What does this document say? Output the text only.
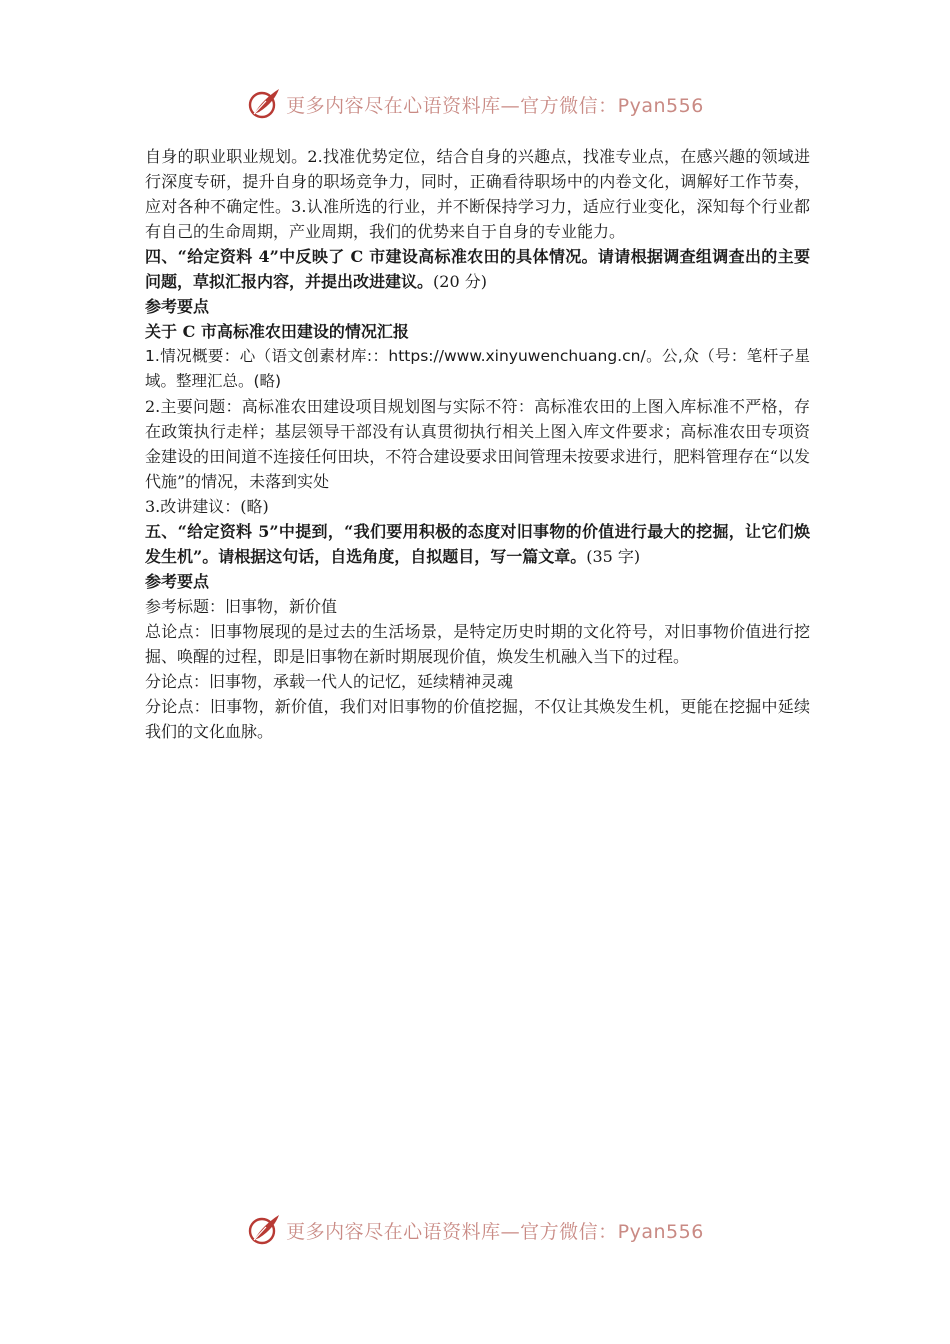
更多内容尽在心语资料库—官方微信：Pyan556

自身的职业职业规划。2.找准优势定位，结合自身的兴趣点，找准专业点，在感兴趣的领域进行深度专研，提升自身的职场竞争力，同时，正确看待职场中的内卷文化，调解好工作节奏，应对各种不确定性。3.认准所选的行业，并不断保持学习力，适应行业变化，深知每个行业都有自己的生命周期，产业周期，我们的优势来自于自身的专业能力。

四、“给定资料 4”中反映了 C 市建设高标准农田的具体情况。请请根据调查组调查出的主要问题，草拟汇报内容，并提出改进建议。(20 分)

参考要点

关于 C 市高标准农田建设的情况汇报

1.情况概要：心（语文创素材库:：https://www.xinyuwenchuang.cn/。公,众（号：笔杆子星域。整理汇总。(略)

2.主要问题：高标准农田建设项目规划图与实际不符：高标准农田的上图入库标准不严格，存在政策执行走样；基层领导干部没有认真贯彻执行相关上图入库文件要求；高标准农田专项资金建设的田间道不连接任何田块，不符合建设要求田间管理未按要求进行，肥料管理存在“以发代施”的情况，未落到实处

3.改讲建议：(略)

五、“给定资料 5”中提到，“我们要用积极的态度对旧事物的价值进行最大的挖掘，让它们焕发生机”。请根据这句话，自选角度，自拟题目，写一篇文章。(35 字)

参考要点

参考标题：旧事物，新价值

总论点：旧事物展现的是过去的生活场景，是特定历史时期的文化符号，对旧事物价值进行挖掘、唤醒的过程，即是旧事物在新时期展现价值，焕发生机融入当下的过程。

分论点：旧事物，承载一代人的记忆，延续精神灵魂

分论点：旧事物，新价值，我们对旧事物的价值挖掘，不仅让其焕发生机，更能在挖掘中延续我们的文化血脉。

更多内容尽在心语资料库—官方微信：Pyan556
